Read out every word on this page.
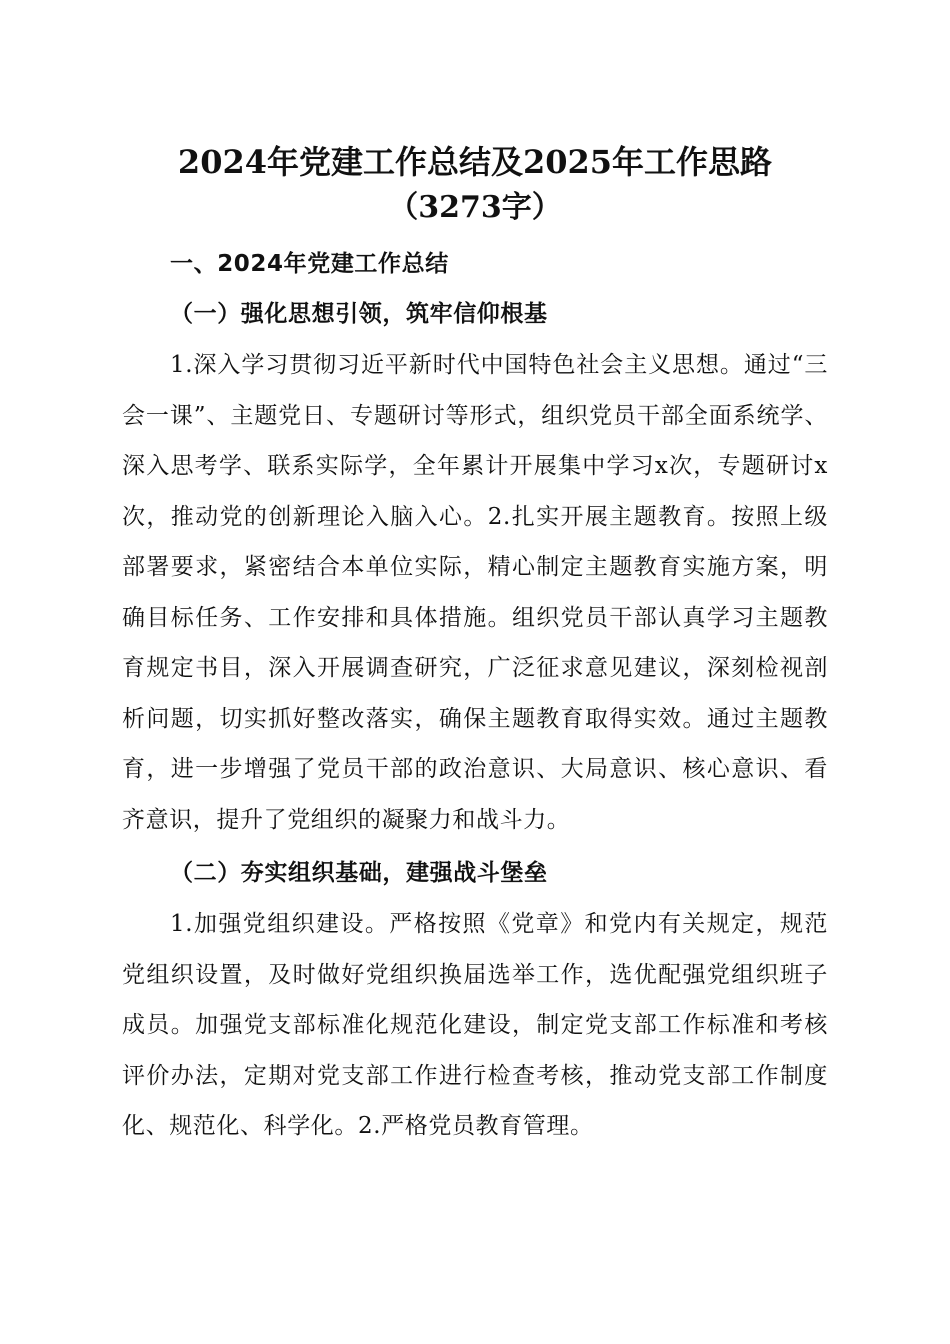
2024年党建工作总结及2025年工作思路
（3273字）
一、2024年党建工作总结
（一）强化思想引领，筑牢信仰根基

1.深入学习贯彻习近平新时代中国特色社会主义思想。通过“三会一课”、主题党日、专题研讨等形式，组织党员干部全面系统学、深入思考学、联系实际学，全年累计开展集中学习x次，专题研讨x次，推动党的创新理论入脑入心。2.扎实开展主题教育。按照上级部署要求，紧密结合本单位实际，精心制定主题教育实施方案，明确目标任务、工作安排和具体措施。组织党员干部认真学习主题教育规定书目，深入开展调查研究，广泛征求意见建议，深刻检视剖析问题，切实抓好整改落实，确保主题教育取得实效。通过主题教育，进一步增强了党员干部的政治意识、大局意识、核心意识、看齐意识，提升了党组织的凝聚力和战斗力。

（二）夯实组织基础，建强战斗堡垒

1.加强党组织建设。严格按照《党章》和党内有关规定，规范党组织设置，及时做好党组织换届选举工作，选优配强党组织班子成员。加强党支部标准化规范化建设，制定党支部工作标准和考核评价办法，定期对党支部工作进行检查考核，推动党支部工作制度化、规范化、科学化。2.严格党员教育管理。
